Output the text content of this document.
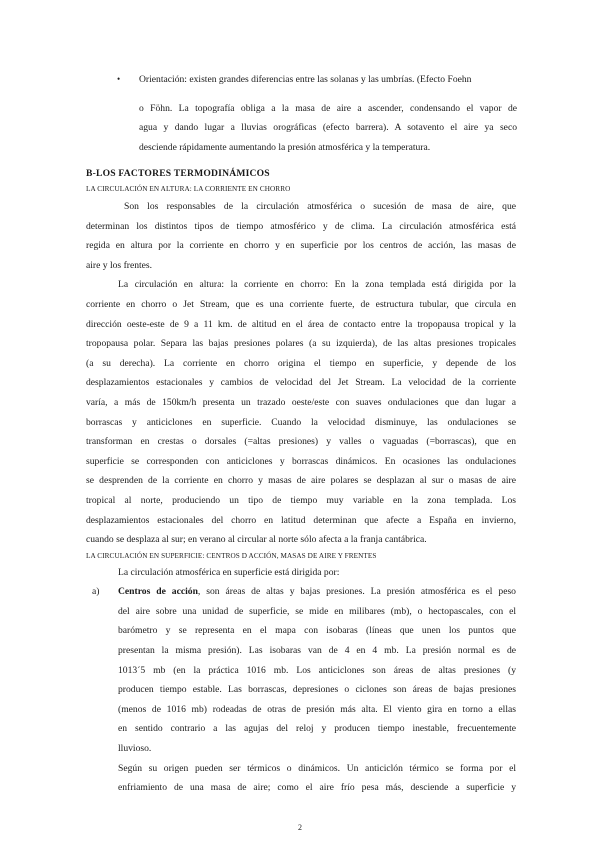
• Orientación: existen grandes diferencias entre las solanas y las umbrías. (Efecto Foehn
o Föhn. La topografía obliga a la masa de aire a ascender, condensando el vapor de
agua y dando lugar a lluvias orográficas (efecto barrera). A sotavento el aire ya seco
desciende rápidamente aumentando la presión atmosférica y la temperatura.
B-LOS FACTORES TERMODINÁMICOS
LA CIRCULACIÓN EN ALTURA: LA CORRIENTE EN CHORRO
Son los responsables de la circulación atmosférica o sucesión de masa de aire, que
determinan los distintos tipos de tiempo atmosférico y de clima. La circulación atmosférica está
regida en altura por la corriente en chorro y en superficie por los centros de acción, las masas de
aire y los frentes.
La circulación en altura: la corriente en chorro: En la zona templada está dirigida por la
corriente en chorro o Jet Stream, que es una corriente fuerte, de estructura tubular, que circula en
dirección oeste-este de 9 a 11 km. de altitud en el área de contacto entre la tropopausa tropical y la
tropopausa polar. Separa las bajas presiones polares (a su izquierda), de las altas presiones tropicales
(a su derecha). La corriente en chorro origina el tiempo en superficie, y depende de los
desplazamientos estacionales y cambios de velocidad del Jet Stream. La velocidad de la corriente
varía, a más de 150km/h presenta un trazado oeste/este con suaves ondulaciones que dan lugar a
borrascas y anticiclones en superficie. Cuando la velocidad disminuye, las ondulaciones se
transforman en crestas o dorsales (=altas presiones) y valles o vaguadas (=borrascas), que en
superficie se corresponden con anticiclones y borrascas dinámicos. En ocasiones las ondulaciones
se desprenden de la corriente en chorro y masas de aire polares se desplazan al sur o masas de aire
tropical al norte, produciendo un tipo de tiempo muy variable en la zona templada. Los
desplazamientos estacionales del chorro en latitud determinan que afecte a España en invierno,
cuando se desplaza al sur; en verano al circular al norte sólo afecta a la franja cantábrica.
LA CIRCULACIÓN EN SUPERFICIE: CENTROS D ACCIÓN, MASAS DE AIRE Y FRENTES
La circulación atmosférica en superficie está dirigida por:
a) Centros de acción, son áreas de altas y bajas presiones. La presión atmosférica es el peso
del aire sobre una unidad de superficie, se mide en milibares (mb), o hectopascales, con el
barómetro y se representa en el mapa con isobaras (líneas que unen los puntos que
presentan la misma presión). Las isobaras van de 4 en 4 mb. La presión normal es de
1013´5 mb (en la práctica 1016 mb. Los anticiclones son áreas de altas presiones (y
producen tiempo estable. Las borrascas, depresiones o ciclones son áreas de bajas presiones
(menos de 1016 mb) rodeadas de otras de presión más alta. El viento gira en torno a ellas
en sentido contrario a las agujas del reloj y producen tiempo inestable, frecuentemente
lluvioso.
Según su origen pueden ser térmicos o dinámicos. Un anticiclón térmico se forma por el
enfriamiento de una masa de aire; como el aire frío pesa más, desciende a superficie y
2
